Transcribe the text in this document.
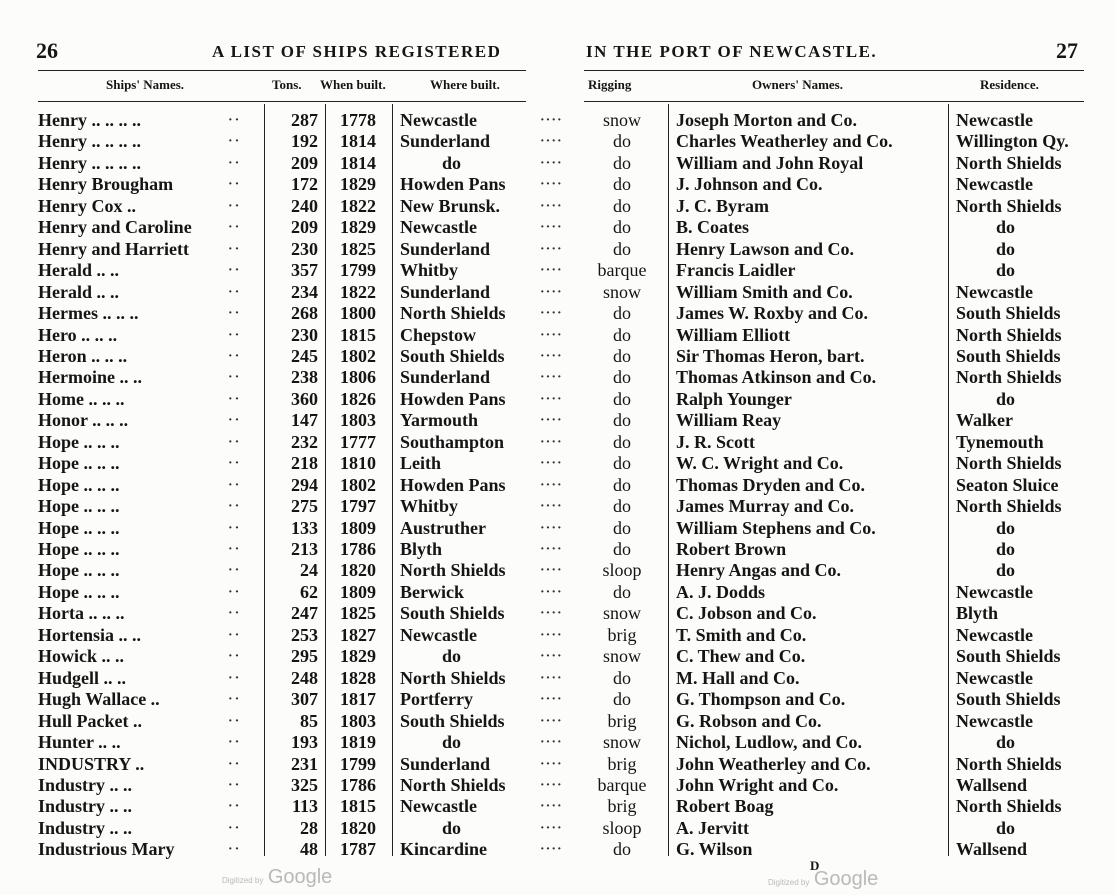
26	A LIST OF SHIPS REGISTERED	IN THE PORT OF NEWCASTLE.	27
Ships' Names.	Tons. When built.	Where built.	Rigging	Owners' Names.	Residence.
Henry .. .. .. ..	··	287	1778	Newcastle	····	snow	Joseph Morton and Co.	Newcastle
Henry .. .. .. ..	··	192	1814	Sunderland	····	do	Charles Weatherley and Co.	Willington Qy.
Henry .. .. .. ..	··	209	1814	do	····	do	William and John Royal	North Shields
Henry Brougham	··	172	1829	Howden Pans	····	do	J. Johnson and Co.	Newcastle
Henry Cox ..	··	240	1822	New Brunsk.	····	do	J. C. Byram	North Shields
Henry and Caroline	··	209	1829	Newcastle	····	do	B. Coates	do
Henry and Harriett	··	230	1825	Sunderland	····	do	Henry Lawson and Co.	do
Herald .. ..	··	357	1799	Whitby	····	barque	Francis Laidler	do
Herald .. ..	··	234	1822	Sunderland	····	snow	William Smith and Co.	Newcastle
Hermes .. .. ..	··	268	1800	North Shields	····	do	James W. Roxby and Co.	South Shields
Hero .. .. ..	··	230	1815	Chepstow	····	do	William Elliott	North Shields
Heron .. .. ..	··	245	1802	South Shields	····	do	Sir Thomas Heron, bart.	South Shields
Hermoine .. ..	··	238	1806	Sunderland	····	do	Thomas Atkinson and Co.	North Shields
Home .. .. ..	··	360	1826	Howden Pans	····	do	Ralph Younger	do
Honor .. .. ..	··	147	1803	Yarmouth	····	do	William Reay	Walker
Hope .. .. ..	··	232	1777	Southampton	····	do	J. R. Scott	Tynemouth
Hope .. .. ..	··	218	1810	Leith	····	do	W. C. Wright and Co.	North Shields
Hope .. .. ..	··	294	1802	Howden Pans	····	do	Thomas Dryden and Co.	Seaton Sluice
Hope .. .. ..	··	275	1797	Whitby	····	do	James Murray and Co.	North Shields
Hope .. .. ..	··	133	1809	Austruther	····	do	William Stephens and Co.	do
Hope .. .. ..	··	213	1786	Blyth	····	do	Robert Brown	do
Hope .. .. ..	··	24	1820	North Shields	····	sloop	Henry Angas and Co.	do
Hope .. .. ..	··	62	1809	Berwick	····	do	A. J. Dodds	Newcastle
Horta .. .. ..	··	247	1825	South Shields	····	snow	C. Jobson and Co.	Blyth
Hortensia .. ..	··	253	1827	Newcastle	····	brig	T. Smith and Co.	Newcastle
Howick .. ..	··	295	1829	do	····	snow	C. Thew and Co.	South Shields
Hudgell .. ..	··	248	1828	North Shields	····	do	M. Hall and Co.	Newcastle
Hugh Wallace ..	··	307	1817	Portferry	····	do	G. Thompson and Co.	South Shields
Hull Packet ..	··	85	1803	South Shields	····	brig	G. Robson and Co.	Newcastle
Hunter .. ..	··	193	1819	do	····	snow	Nichol, Ludlow, and Co.	do
INDUSTRY ..	··	231	1799	Sunderland	····	brig	John Weatherley and Co.	North Shields
Industry .. ..	··	325	1786	North Shields	····	barque	John Wright and Co.	Wallsend
Industry .. ..	··	113	1815	Newcastle	····	brig	Robert Boag	North Shields
Industry .. ..	··	28	1820	do	····	sloop	A. Jervitt	do
Industrious Mary	··	48	1787	Kincardine	····	do	G. Wilson	Wallsend
D
Digitized by Google	Digitized by Google
